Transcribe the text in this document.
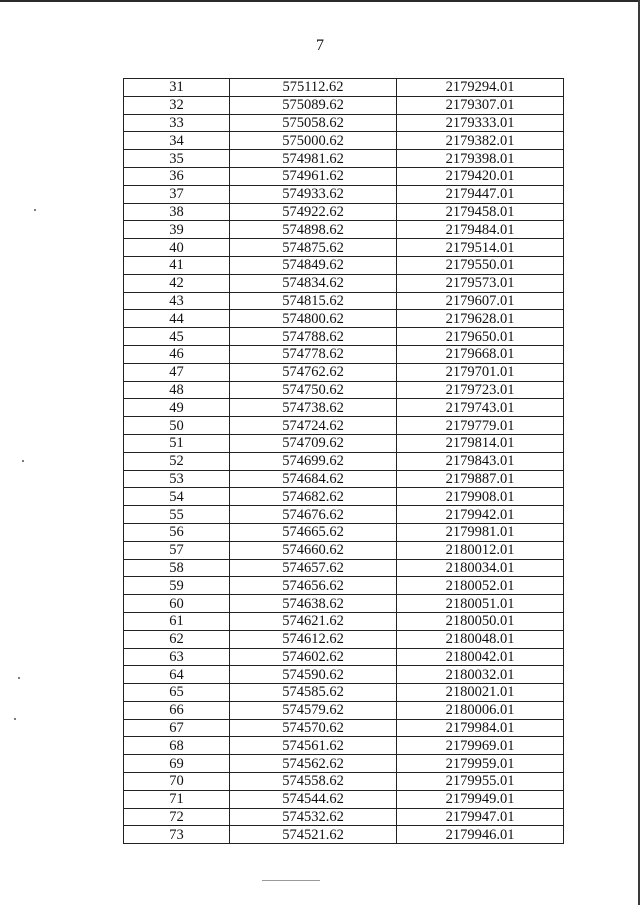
7
31	575112.62	2179294.01
32	575089.62	2179307.01
33	575058.62	2179333.01
34	575000.62	2179382.01
35	574981.62	2179398.01
36	574961.62	2179420.01
37	574933.62	2179447.01
38	574922.62	2179458.01
39	574898.62	2179484.01
40	574875.62	2179514.01
41	574849.62	2179550.01
42	574834.62	2179573.01
43	574815.62	2179607.01
44	574800.62	2179628.01
45	574788.62	2179650.01
46	574778.62	2179668.01
47	574762.62	2179701.01
48	574750.62	2179723.01
49	574738.62	2179743.01
50	574724.62	2179779.01
51	574709.62	2179814.01
52	574699.62	2179843.01
53	574684.62	2179887.01
54	574682.62	2179908.01
55	574676.62	2179942.01
56	574665.62	2179981.01
57	574660.62	2180012.01
58	574657.62	2180034.01
59	574656.62	2180052.01
60	574638.62	2180051.01
61	574621.62	2180050.01
62	574612.62	2180048.01
63	574602.62	2180042.01
64	574590.62	2180032.01
65	574585.62	2180021.01
66	574579.62	2180006.01
67	574570.62	2179984.01
68	574561.62	2179969.01
69	574562.62	2179959.01
70	574558.62	2179955.01
71	574544.62	2179949.01
72	574532.62	2179947.01
73	574521.62	2179946.01
